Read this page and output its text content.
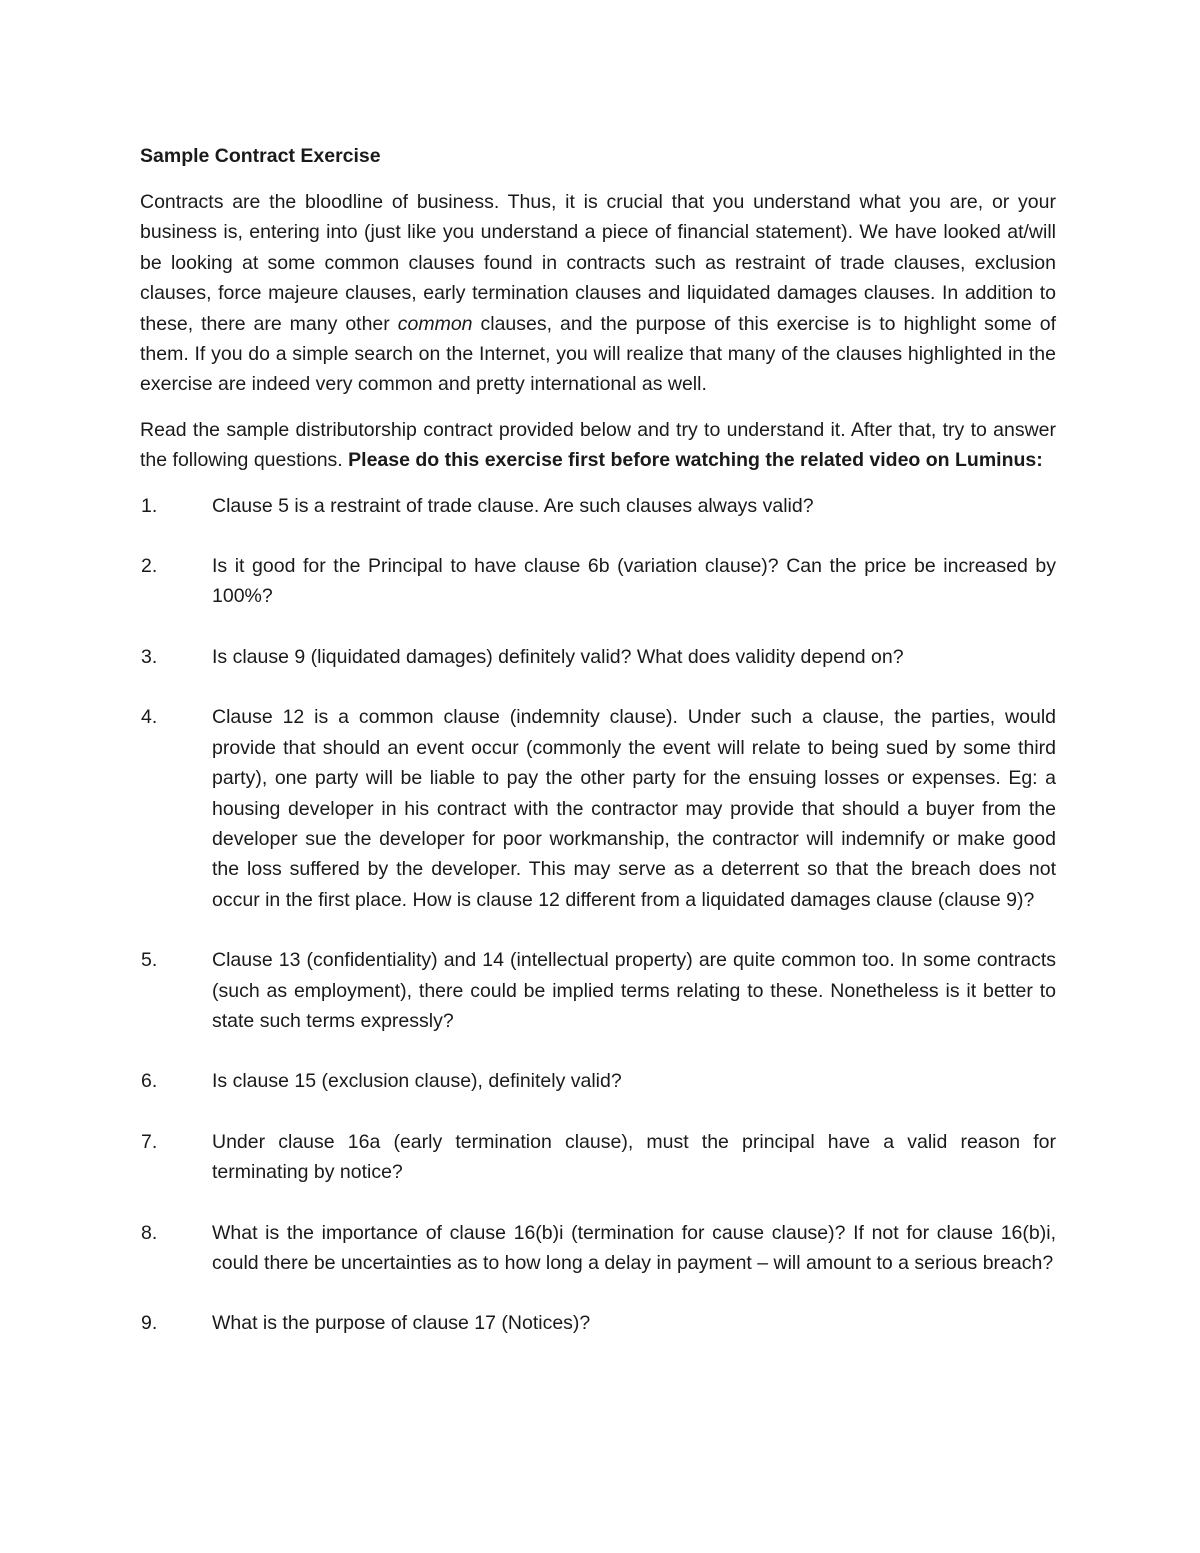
Sample Contract Exercise

Contracts are the bloodline of business. Thus, it is crucial that you understand what you are, or your business is, entering into (just like you understand a piece of financial statement). We have looked at/will be looking at some common clauses found in contracts such as restraint of trade clauses, exclusion clauses, force majeure clauses, early termination clauses and liquidated damages clauses. In addition to these, there are many other common clauses, and the purpose of this exercise is to highlight some of them. If you do a simple search on the Internet, you will realize that many of the clauses highlighted in the exercise are indeed very common and pretty international as well.

Read the sample distributorship contract provided below and try to understand it. After that, try to answer the following questions. Please do this exercise first before watching the related video on Luminus:

1.	Clause 5 is a restraint of trade clause. Are such clauses always valid?
2.	Is it good for the Principal to have clause 6b (variation clause)? Can the price be increased by 100%?
3.	Is clause 9 (liquidated damages) definitely valid? What does validity depend on?
4.	Clause 12 is a common clause (indemnity clause). Under such a clause, the parties, would provide that should an event occur (commonly the event will relate to being sued by some third party), one party will be liable to pay the other party for the ensuing losses or expenses. Eg: a housing developer in his contract with the contractor may provide that should a buyer from the developer sue the developer for poor workmanship, the contractor will indemnify or make good the loss suffered by the developer. This may serve as a deterrent so that the breach does not occur in the first place. How is clause 12 different from a liquidated damages clause (clause 9)?
5.	Clause 13 (confidentiality) and 14 (intellectual property) are quite common too. In some contracts (such as employment), there could be implied terms relating to these. Nonetheless is it better to state such terms expressly?
6.	Is clause 15 (exclusion clause), definitely valid?
7.	Under clause 16a (early termination clause), must the principal have a valid reason for terminating by notice?
8.	What is the importance of clause 16(b)i (termination for cause clause)? If not for clause 16(b)i, could there be uncertainties as to how long a delay in payment – will amount to a serious breach?
9.	What is the purpose of clause 17 (Notices)?
